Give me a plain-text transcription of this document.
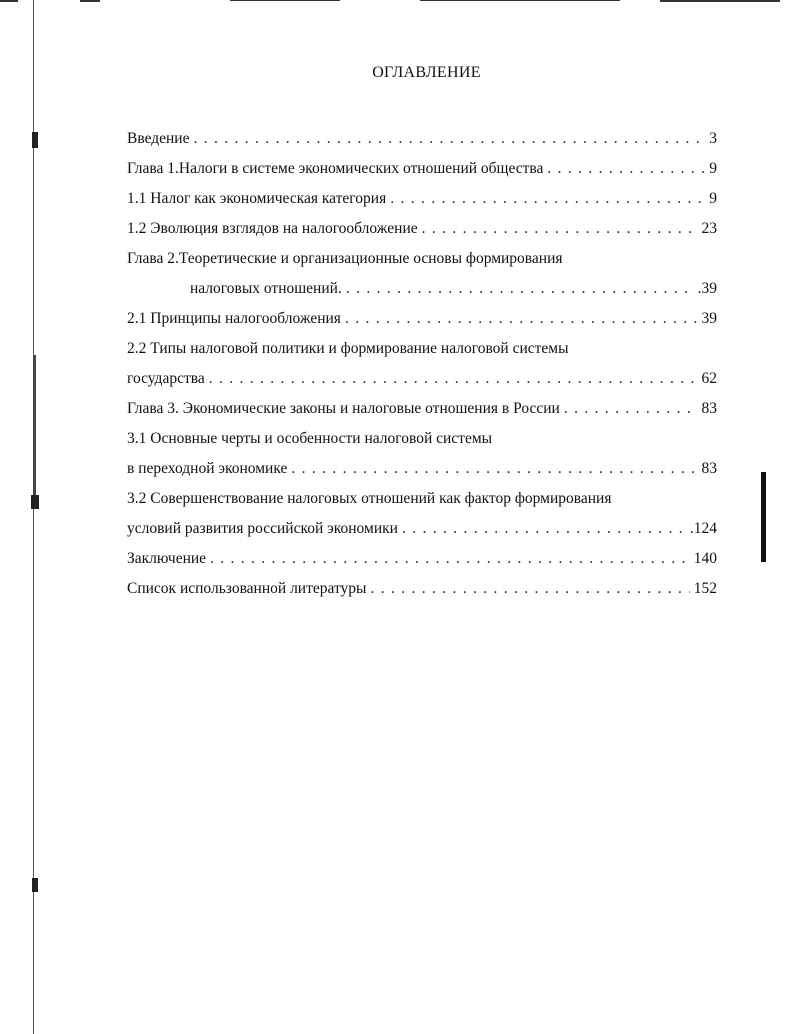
ОГЛАВЛЕНИЕ
Введение . . .	3
Глава 1.Налоги в системе экономических отношений общества . . .	9
1.1 Налог как экономическая категория . . .	9
1.2 Эволюция взглядов на налогообложение . . .	23
Глава 2.Теоретические и организационные основы формирования
налоговых отношений. . . .	.39
2.1 Принципы налогообложения . . .	39
2.2 Типы налоговой политики и формирование налоговой системы
государства . . .	62
Глава 3. Экономические законы и налоговые отношения в России . . .	83
3.1 Основные черты и особенности налоговой системы
в переходной экономике . . .	83
3.2 Совершенствование налоговых отношений как фактор формирования
условий развития российской экономики . . .	.124
Заключение . . .	140
Список использованной литературы . . .	152
